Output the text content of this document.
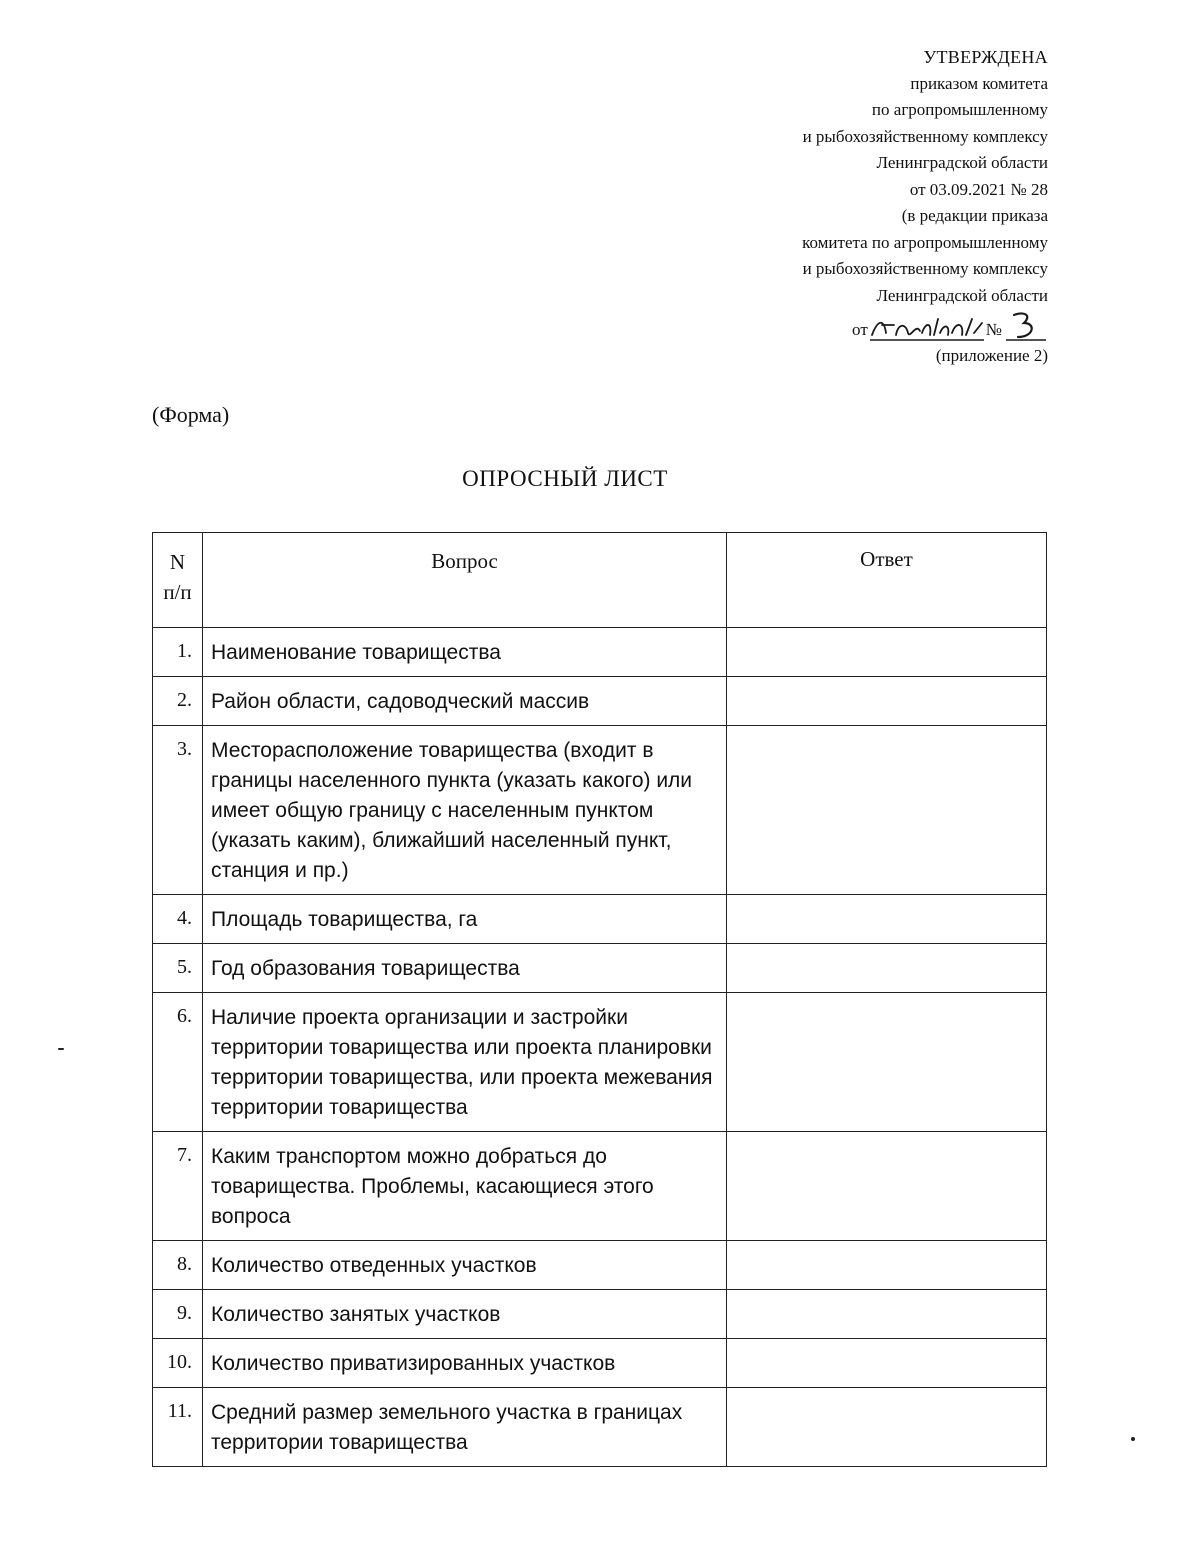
УТВЕРЖДЕНА
приказом комитета
по агропромышленному
и рыбохозяйственному комплексу
Ленинградской области
от 03.09.2021 № 28
(в редакции приказа
комитета по агропромышленному
и рыбохозяйственному комплексу
Ленинградской области
от	№
(приложение 2)
(Форма)
ОПРОСНЫЙ ЛИСТ
N
п/п	Вопрос	Ответ
1.	Наименование товарищества	
2.	Район области, садоводческий массив	
3.	Месторасположение товарищества (входит в границы населенного пункта (указать какого) или имеет общую границу с населенным пунктом (указать каким), ближайший населенный пункт, станция и пр.)	
4.	Площадь товарищества, га	
5.	Год образования товарищества	
6.	Наличие проекта организации и застройки территории товарищества или проекта планировки территории товарищества, или проекта межевания территории товарищества	
7.	Каким транспортом можно добраться до товарищества. Проблемы, касающиеся этого вопроса	
8.	Количество отведенных участков	
9.	Количество занятых участков	
10.	Количество приватизированных участков	
11.	Средний размер земельного участка в границах территории товарищества	
